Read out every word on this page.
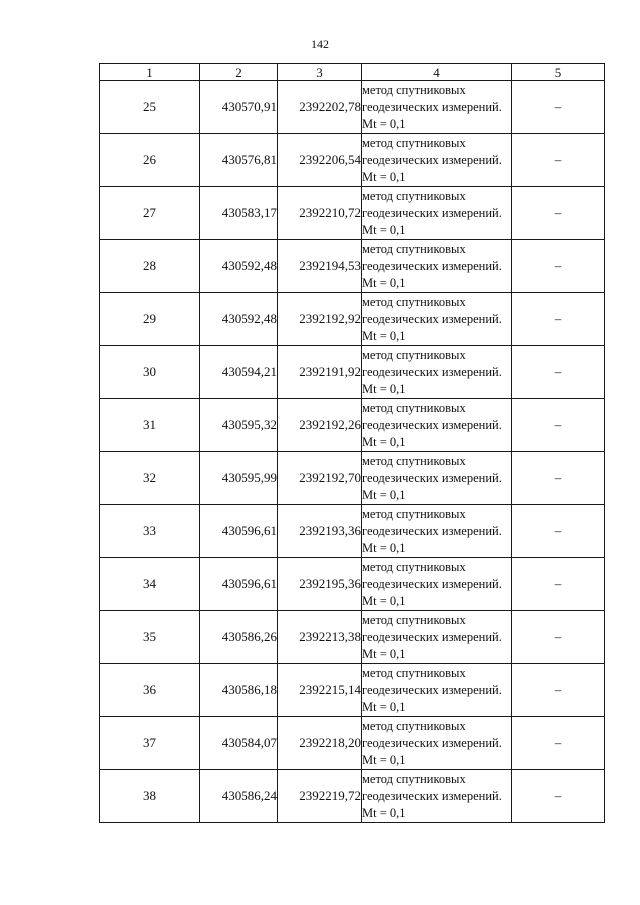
142
1	2	3	4	5
25	430570,91	2392202,78	метод спутниковых геодезических измерений. Mt = 0,1	–
26	430576,81	2392206,54	метод спутниковых геодезических измерений. Mt = 0,1	–
27	430583,17	2392210,72	метод спутниковых геодезических измерений. Mt = 0,1	–
28	430592,48	2392194,53	метод спутниковых геодезических измерений. Mt = 0,1	–
29	430592,48	2392192,92	метод спутниковых геодезических измерений. Mt = 0,1	–
30	430594,21	2392191,92	метод спутниковых геодезических измерений. Mt = 0,1	–
31	430595,32	2392192,26	метод спутниковых геодезических измерений. Mt = 0,1	–
32	430595,99	2392192,70	метод спутниковых геодезических измерений. Mt = 0,1	–
33	430596,61	2392193,36	метод спутниковых геодезических измерений. Mt = 0,1	–
34	430596,61	2392195,36	метод спутниковых геодезических измерений. Mt = 0,1	–
35	430586,26	2392213,38	метод спутниковых геодезических измерений. Mt = 0,1	–
36	430586,18	2392215,14	метод спутниковых геодезических измерений. Mt = 0,1	–
37	430584,07	2392218,20	метод спутниковых геодезических измерений. Mt = 0,1	–
38	430586,24	2392219,72	метод спутниковых геодезических измерений. Mt = 0,1	–
